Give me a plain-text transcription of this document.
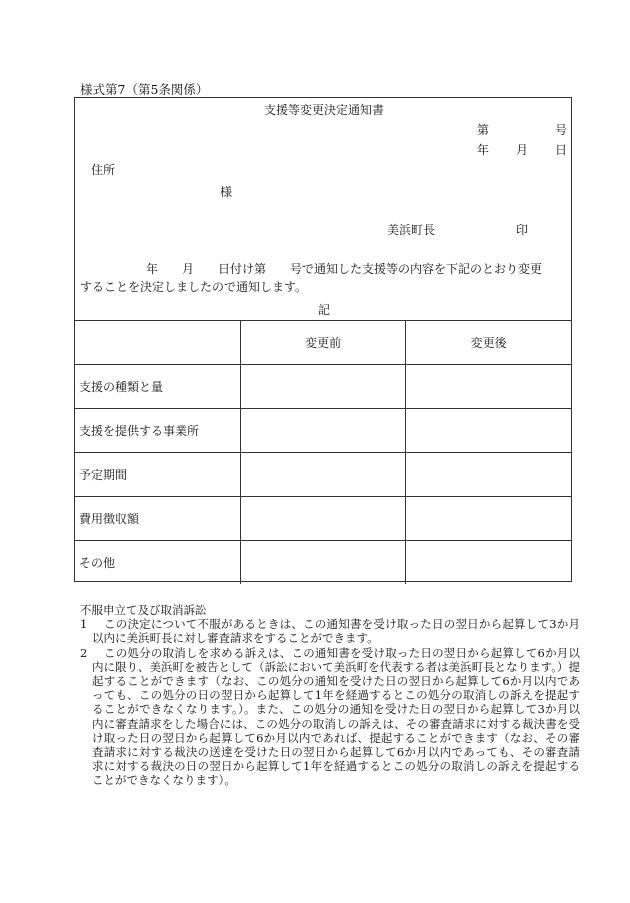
様式第7（第5条関係）
支援等変更決定通知書
第	号
年 月 日
住所
様
美浜町長	印
年　　月　　日付け第　　号で通知した支援等の内容を下記のとおり変更
することを決定しましたので通知します。
記
	変更前	変更後
支援の種類と量		
支援を提供する事業所		
予定期間		
費用徴収額		
その他		
不服申立て及び取消訴訟
1 この決定について不服があるときは、この通知書を受け取った日の翌日から起算して3か月以内に美浜町長に対し審査請求をすることができます。
2 この処分の取消しを求める訴えは、この通知書を受け取った日の翌日から起算して6か月以内に限り、美浜町を被告として（訴訟において美浜町を代表する者は美浜町長となります。）提起することができます（なお、この処分の通知を受けた日の翌日から起算して6か月以内であっても、この処分の日の翌日から起算して1年を経過するとこの処分の取消しの訴えを提起することができなくなります。）。また、この処分の通知を受けた日の翌日から起算して3か月以内に審査請求をした場合には、この処分の取消しの訴えは、その審査請求に対する裁決書を受け取った日の翌日から起算して6か月以内であれば、提起することができます（なお、その審査請求に対する裁決の送達を受けた日の翌日から起算して6か月以内であっても、その審査請求に対する裁決の日の翌日から起算して1年を経過するとこの処分の取消しの訴えを提起することができなくなります）。
